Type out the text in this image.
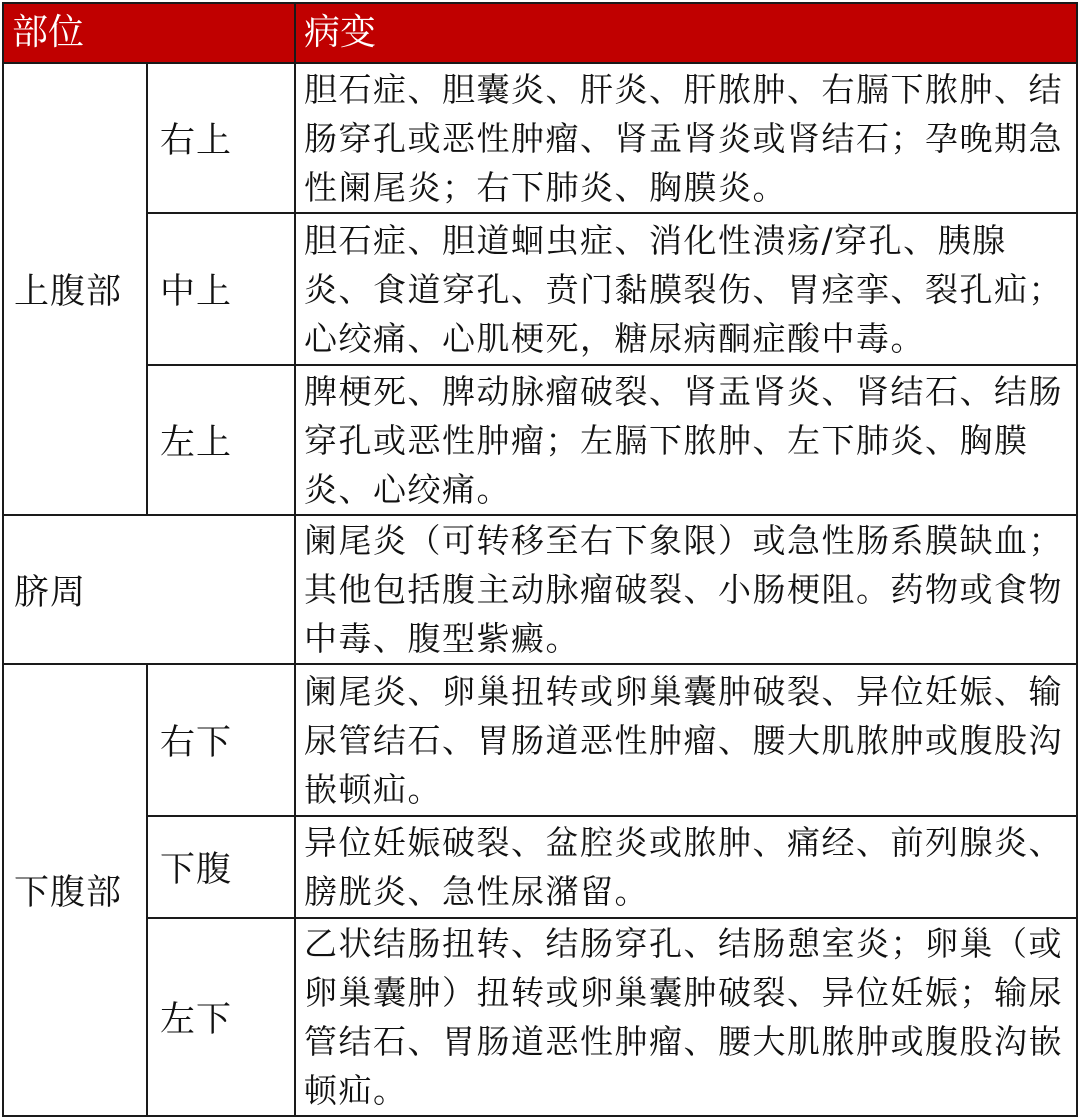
部位		病变
上腹部	右上	胆石症、胆囊炎、肝炎、肝脓肿、右膈下脓肿、结肠穿孔或恶性肿瘤、肾盂肾炎或肾结石；孕晚期急性阑尾炎；右下肺炎、胸膜炎。
	中上	胆石症、胆道蛔虫症、消化性溃疡/穿孔、胰腺炎、食道穿孔、贲门黏膜裂伤、胃痉挛、裂孔疝；心绞痛、心肌梗死，糖尿病酮症酸中毒。
	左上	脾梗死、脾动脉瘤破裂、肾盂肾炎、肾结石、结肠穿孔或恶性肿瘤；左膈下脓肿、左下肺炎、胸膜炎、心绞痛。
脐周		阑尾炎（可转移至右下象限）或急性肠系膜缺血；其他包括腹主动脉瘤破裂、小肠梗阻。药物或食物中毒、腹型紫癜。
下腹部	右下	阑尾炎、卵巢扭转或卵巢囊肿破裂、异位妊娠、输尿管结石、胃肠道恶性肿瘤、腰大肌脓肿或腹股沟嵌顿疝。
	下腹	异位妊娠破裂、盆腔炎或脓肿、痛经、前列腺炎、膀胱炎、急性尿潴留。
	左下	乙状结肠扭转、结肠穿孔、结肠憩室炎；卵巢（或卵巢囊肿）扭转或卵巢囊肿破裂、异位妊娠；输尿管结石、胃肠道恶性肿瘤、腰大肌脓肿或腹股沟嵌顿疝。
